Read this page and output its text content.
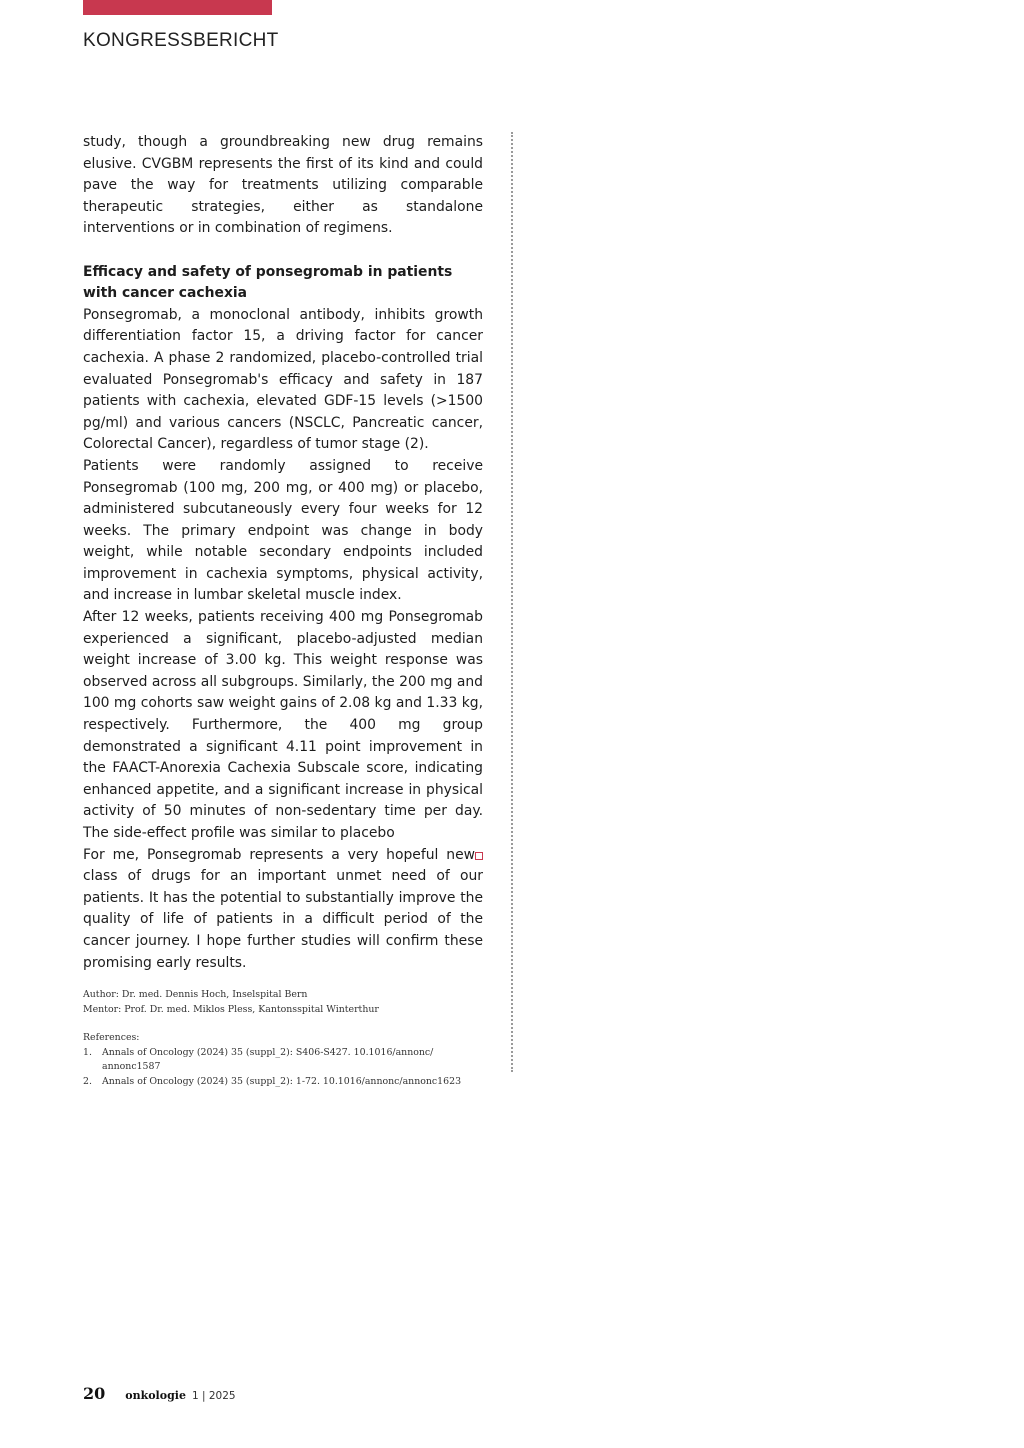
KONGRESSBERICHT

study, though a groundbreaking new drug remains elusive. CVGBM represents the first of its kind and could pave the way for treatments utilizing comparable therapeutic strategies, either as standalone interventions or in combination of regimens.

Efficacy and safety of ponsegromab in patients with cancer cachexia

Ponsegromab, a monoclonal antibody, inhibits growth differentiation factor 15, a driving factor for cancer cachexia. A phase 2 randomized, placebo-controlled trial evaluated Ponsegromab's efficacy and safety in 187 patients with cachexia, elevated GDF-15 levels (>1500 pg/ml) and various cancers (NSCLC, Pancreatic cancer, Colorectal Cancer), regardless of tumor stage (2).

Patients were randomly assigned to receive Ponsegromab (100 mg, 200 mg, or 400 mg) or placebo, administered subcutaneously every four weeks for 12 weeks. The primary endpoint was change in body weight, while notable secondary endpoints included improvement in cachexia symptoms, physical activity, and increase in lumbar skeletal muscle index.

After 12 weeks, patients receiving 400 mg Ponsegromab experienced a significant, placebo-adjusted median weight increase of 3.00 kg. This weight response was observed across all subgroups. Similarly, the 200 mg and 100 mg cohorts saw weight gains of 2.08 kg and 1.33 kg, respectively. Furthermore, the 400 mg group demonstrated a significant 4.11 point improvement in the FAACT-Anorexia Cachexia Subscale score, indicating enhanced appetite, and a significant increase in physical activity of 50 minutes of non-sedentary time per day. The side-effect profile was similar to placebo

For me, Ponsegromab represents a very hopeful new class of drugs for an important unmet need of our patients. It has the potential to substantially improve the quality of life of patients in a difficult period of the cancer journey. I hope further studies will confirm these promising early results.

Author: Dr. med. Dennis Hoch, Inselspital Bern
Mentor: Prof. Dr. med. Miklos Pless, Kantonsspital Winterthur
References:
1. Annals of Oncology (2024) 35 (suppl_2): S406-S427. 10.1016/annonc/ annonc1587
2. Annals of Oncology (2024) 35 (suppl_2): 1-72. 10.1016/annonc/annonc1623
20 onkologie 1 | 2025
